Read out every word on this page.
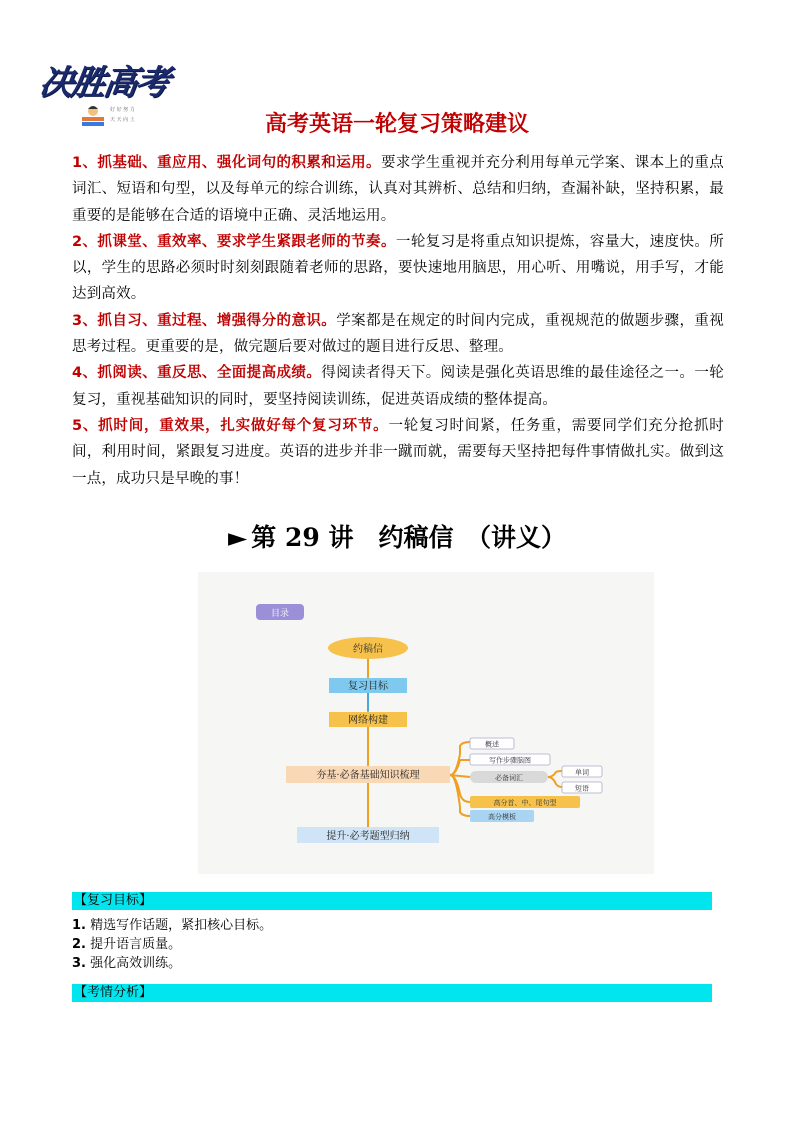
决胜高考
好 好 努 力
天 天 向 上	高考英语一轮复习策略建议

1、抓基础、重应用、强化词句的积累和运用。要求学生重视并充分利用每单元学案、课本上的重点词汇、短语和句型，以及每单元的综合训练，认真对其辨析、总结和归纳，查漏补缺，坚持积累，最重要的是能够在合适的语境中正确、灵活地运用。

2、抓课堂、重效率、要求学生紧跟老师的节奏。一轮复习是将重点知识提炼，容量大，速度快。所以，学生的思路必须时时刻刻跟随着老师的思路，要快速地用脑思，用心听、用嘴说，用手写，才能达到高效。

3、抓自习、重过程、增强得分的意识。学案都是在规定的时间内完成，重视规范的做题步骤，重视思考过程。更重要的是，做完题后要对做过的题目进行反思、整理。

4、抓阅读、重反思、全面提高成绩。得阅读者得天下。阅读是强化英语思维的最佳途径之一。一轮复习，重视基础知识的同时，要坚持阅读训练，促进英语成绩的整体提高。

5、抓时间，重效果，扎实做好每个复习环节。一轮复习时间紧，任务重，需要同学们充分抢抓时间，利用时间，紧跟复习进度。英语的进步并非一蹴而就，需要每天坚持把每件事情做扎实。做到这一点，成功只是早晚的事！

► 第 29 讲　约稿信　（讲义）
目录
约稿信
复习目标
网络构建
夯基·必备基础知识梳理
提升·必考题型归纳
概述
写作步骤脑图
必备词汇
单词
短语
高分首、中、尾句型
高分模板
【复习目标】
1. 精选写作话题，紧扣核心目标。
2. 提升语言质量。
3. 强化高效训练。
【考情分析】
